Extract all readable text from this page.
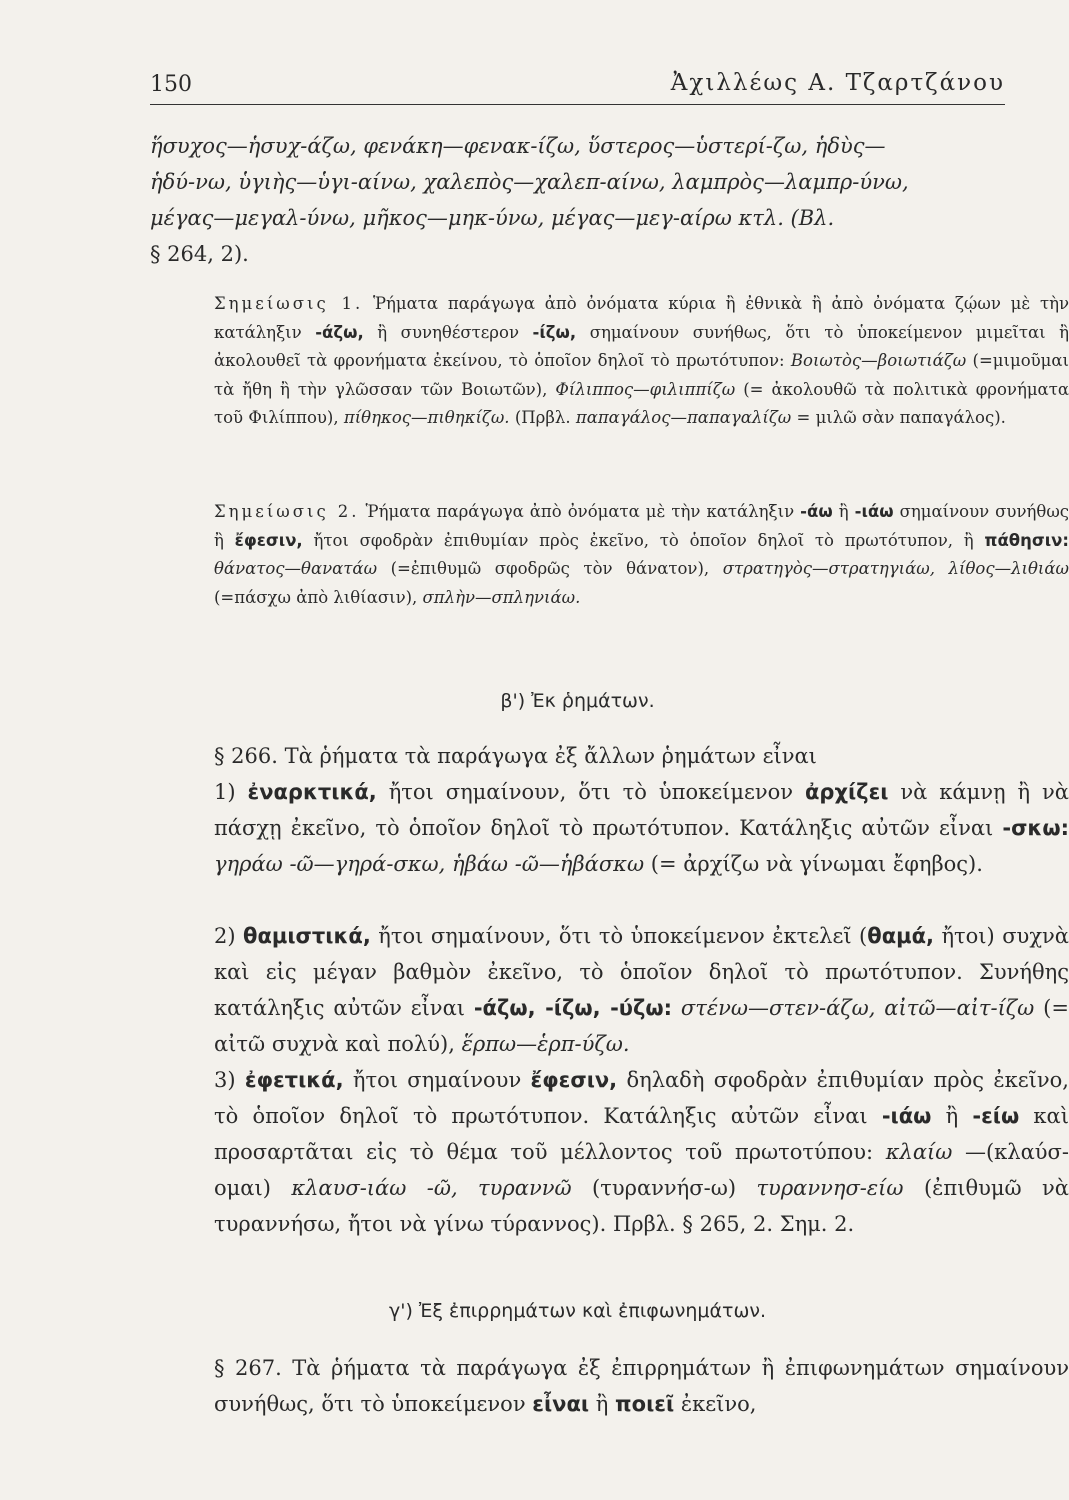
150	Ἀχιλλέως Α. Τζαρτζάνου
ἥσυχος—ἡσυχ-άζω, φενάκη—φενακ-ίζω, ὕστερος—ὑστερί-ζω, ἡδὺς—
ἡδύ-νω, ὑγιὴς—ὑγι-αίνω, χαλεπὸς—χαλεπ-αίνω, λαμπρὸς—λαμπρ-ύνω,
μέγας—μεγαλ-ύνω, μῆκος—μηκ-ύνω, μέγας—μεγ-αίρω κτλ. (Βλ.
§ 264, 2).

Σημείωσις 1. Ῥήματα παράγωγα ἀπὸ ὀνόματα κύρια ἢ ἐθνικὰ ἢ ἀπὸ ὀνόματα ζῴων μὲ τὴν κατάληξιν -άζω, ἢ συνηθέστερον -ίζω, σημαίνουν συνήθως, ὅτι τὸ ὑποκείμενον μιμεῖται ἢ ἀκολουθεῖ τὰ φρονήματα ἐκείνου, τὸ ὁποῖον δηλοῖ τὸ πρωτότυπον: Βοιωτὸς—βοιωτιάζω (=μιμοῦμαι τὰ ἤθη ἢ τὴν γλῶσσαν τῶν Βοιωτῶν), Φίλιππος—φιλιππίζω (= ἀκολουθῶ τὰ πολιτικὰ φρονήματα τοῦ Φιλίππου), πίθηκος—πιθηκίζω. (Πρβλ. παπαγάλος—παπαγαλίζω = μιλῶ σὰν παπαγάλος).

Σημείωσις 2. Ῥήματα παράγωγα ἀπὸ ὀνόματα μὲ τὴν κατάληξιν -άω ἢ -ιάω σημαίνουν συνήθως ἢ ἔφεσιν, ἤτοι σφοδρὰν ἐπιθυμίαν πρὸς ἐκεῖνο, τὸ ὁποῖον δηλοῖ τὸ πρωτότυπον, ἢ πάθησιν: θάνατος—θανατάω (=ἐπιθυμῶ σφοδρῶς τὸν θάνατον), στρατηγὸς—στρατηγιάω, λίθος—λιθιάω (=πάσχω ἀπὸ λιθίασιν), σπλὴν—σπληνιάω.

β') Ἐκ ῥημάτων.

§ 266. Τὰ ῥήματα τὰ παράγωγα ἐξ ἄλλων ῥημάτων εἶναι

1) ἐναρκτικά, ἤτοι σημαίνουν, ὅτι τὸ ὑποκείμενον ἀρχίζει νὰ κάμνῃ ἢ νὰ πάσχῃ ἐκεῖνο, τὸ ὁποῖον δηλοῖ τὸ πρωτότυπον. Κατάληξις αὐτῶν εἶναι -σκω: γηράω -ῶ—γηρά-σκω, ἡβάω -ῶ—ἡβάσκω (= ἀρχίζω νὰ γίνωμαι ἔφηβος).

2) θαμιστικά, ἤτοι σημαίνουν, ὅτι τὸ ὑποκείμενον ἐκτελεῖ (θαμά, ἤτοι) συχνὰ καὶ εἰς μέγαν βαθμὸν ἐκεῖνο, τὸ ὁποῖον δηλοῖ τὸ πρωτότυπον. Συνήθης κατάληξις αὐτῶν εἶναι -άζω, -ίζω, -ύζω: στένω—στεν-άζω, αἰτῶ—αἰτ-ίζω (= αἰτῶ συχνὰ καὶ πολύ), ἕρπω—ἑρπ-ύζω.

3) ἐφετικά, ἤτοι σημαίνουν ἔφεσιν, δηλαδὴ σφοδρὰν ἐπιθυμίαν πρὸς ἐκεῖνο, τὸ ὁποῖον δηλοῖ τὸ πρωτότυπον. Κατάληξις αὐτῶν εἶναι -ιάω ἢ -είω καὶ προσαρτᾶται εἰς τὸ θέμα τοῦ μέλλοντος τοῦ πρωτοτύπου: κλαίω —(κλαύσ-ομαι) κλαυσ-ιάω -ῶ, τυραννῶ (τυραννήσ-ω) τυραννησ-είω (ἐπιθυμῶ νὰ τυραννήσω, ἤτοι νὰ γίνω τύραννος). Πρβλ. § 265, 2. Σημ. 2.

γ') Ἐξ ἐπιρρημάτων καὶ ἐπιφωνημάτων.

§ 267. Τὰ ῥήματα τὰ παράγωγα ἐξ ἐπιρρημάτων ἢ ἐπιφωνημάτων σημαίνουν συνήθως, ὅτι τὸ ὑποκείμενον εἶναι ἢ ποιεῖ ἐκεῖνο,
